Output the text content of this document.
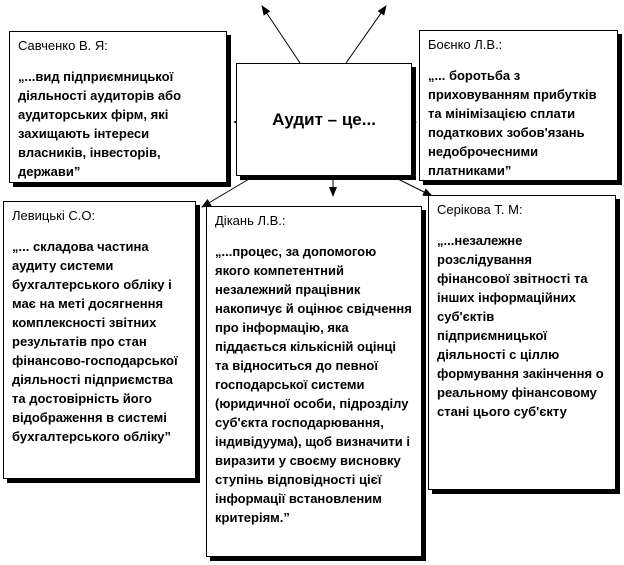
Аудит – це...
Савченко В. Я:
„...вид підприємницької діяльності аудиторів або аудиторських фірм, які захищають інтереси власників, інвесторів, держави”
Боєнко Л.В.:
„... боротьба з приховуванням прибутків та мінімізацією сплати податкових зобов'язань недоброчесними платниками”
Левицькі С.О:
„... складова частина аудиту системи бухгалтерського обліку і має на меті досягнення комплексності звітних результатів про стан фінансово-господарської діяльності підприємства та достовірність його відображення в системі бухгалтерського обліку”
Дікань Л.В.:
„...процес, за допомогою якого компетентний незалежний працівник накопичує й оцінює свідчення про інформацію, яка піддається кількісній оцінці та відноситься до певної господарської системи (юридичної особи, підрозділу суб'єкта господарювання, індивідуума), щоб визначити і виразити у своєму висновку ступінь відповідності цієї інформації встановленим критеріям.”
Серікова Т. М:
„...незалежне розслідування фінансової звітності та інших інформаційних суб'єктів підприємницької діяльності с ціллю формування закінчення о реальному фінансовому стані цього суб'єкту
